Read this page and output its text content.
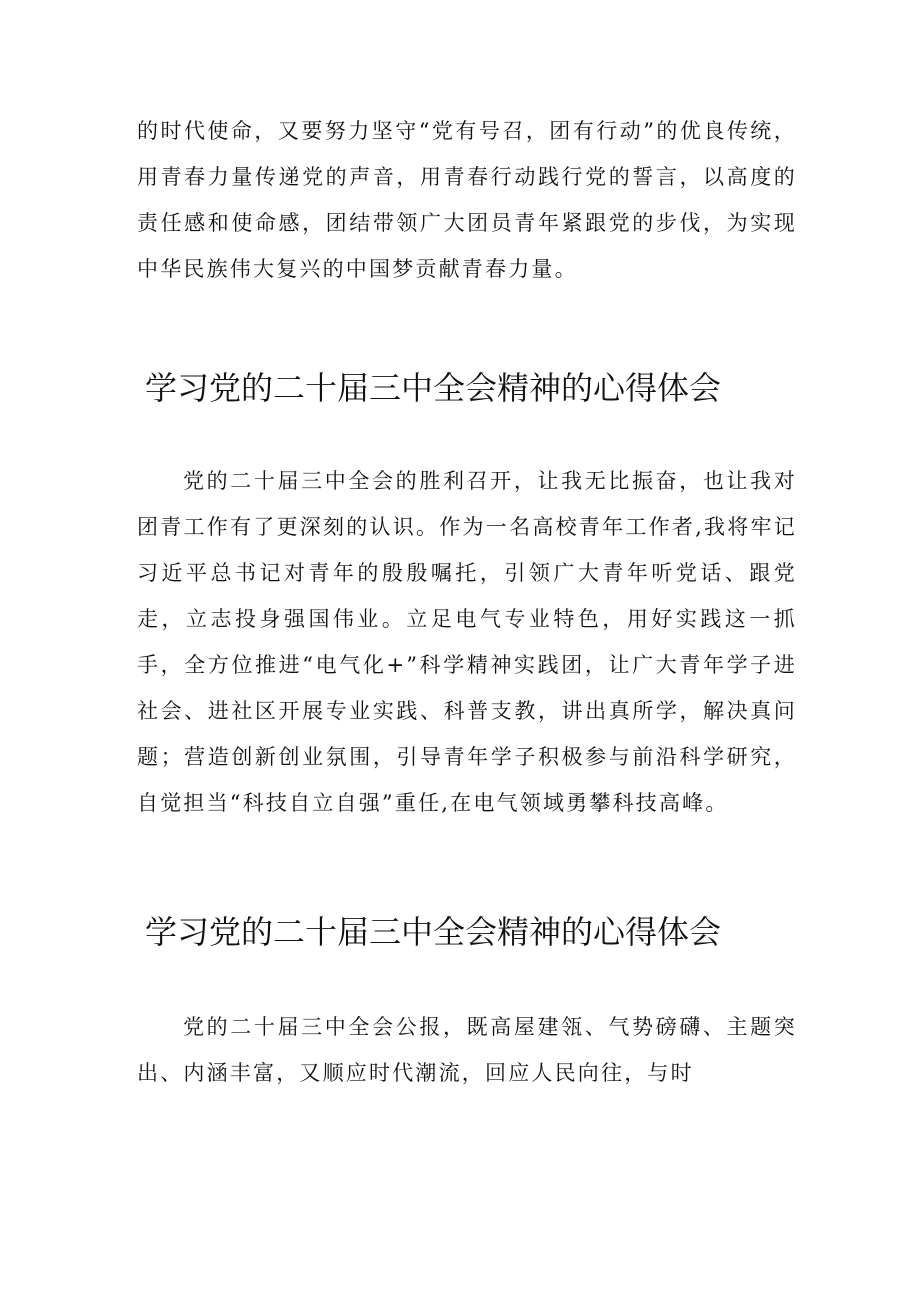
的时代使命，又要努力坚守“党有号召，团有行动”的优良传统，用青春力量传递党的声音，用青春行动践行党的誓言，以高度的责任感和使命感，团结带领广大团员青年紧跟党的步伐，为实现中华民族伟大复兴的中国梦贡献青春力量。

学习党的二十届三中全会精神的心得体会

党的二十届三中全会的胜利召开，让我无比振奋，也让我对团青工作有了更深刻的认识。作为一名高校青年工作者,我将牢记习近平总书记对青年的殷殷嘱托，引领广大青年听党话、跟党走，立志投身强国伟业。立足电气专业特色，用好实践这一抓手，全方位推进“电气化+”科学精神实践团，让广大青年学子进社会、进社区开展专业实践、科普支教，讲出真所学，解决真问题；营造创新创业氛围，引导青年学子积极参与前沿科学研究，自觉担当“科技自立自强”重任,在电气领域勇攀科技高峰。

学习党的二十届三中全会精神的心得体会

党的二十届三中全会公报，既高屋建瓴、气势磅礴、主题突出、内涵丰富，又顺应时代潮流，回应人民向往，与时
